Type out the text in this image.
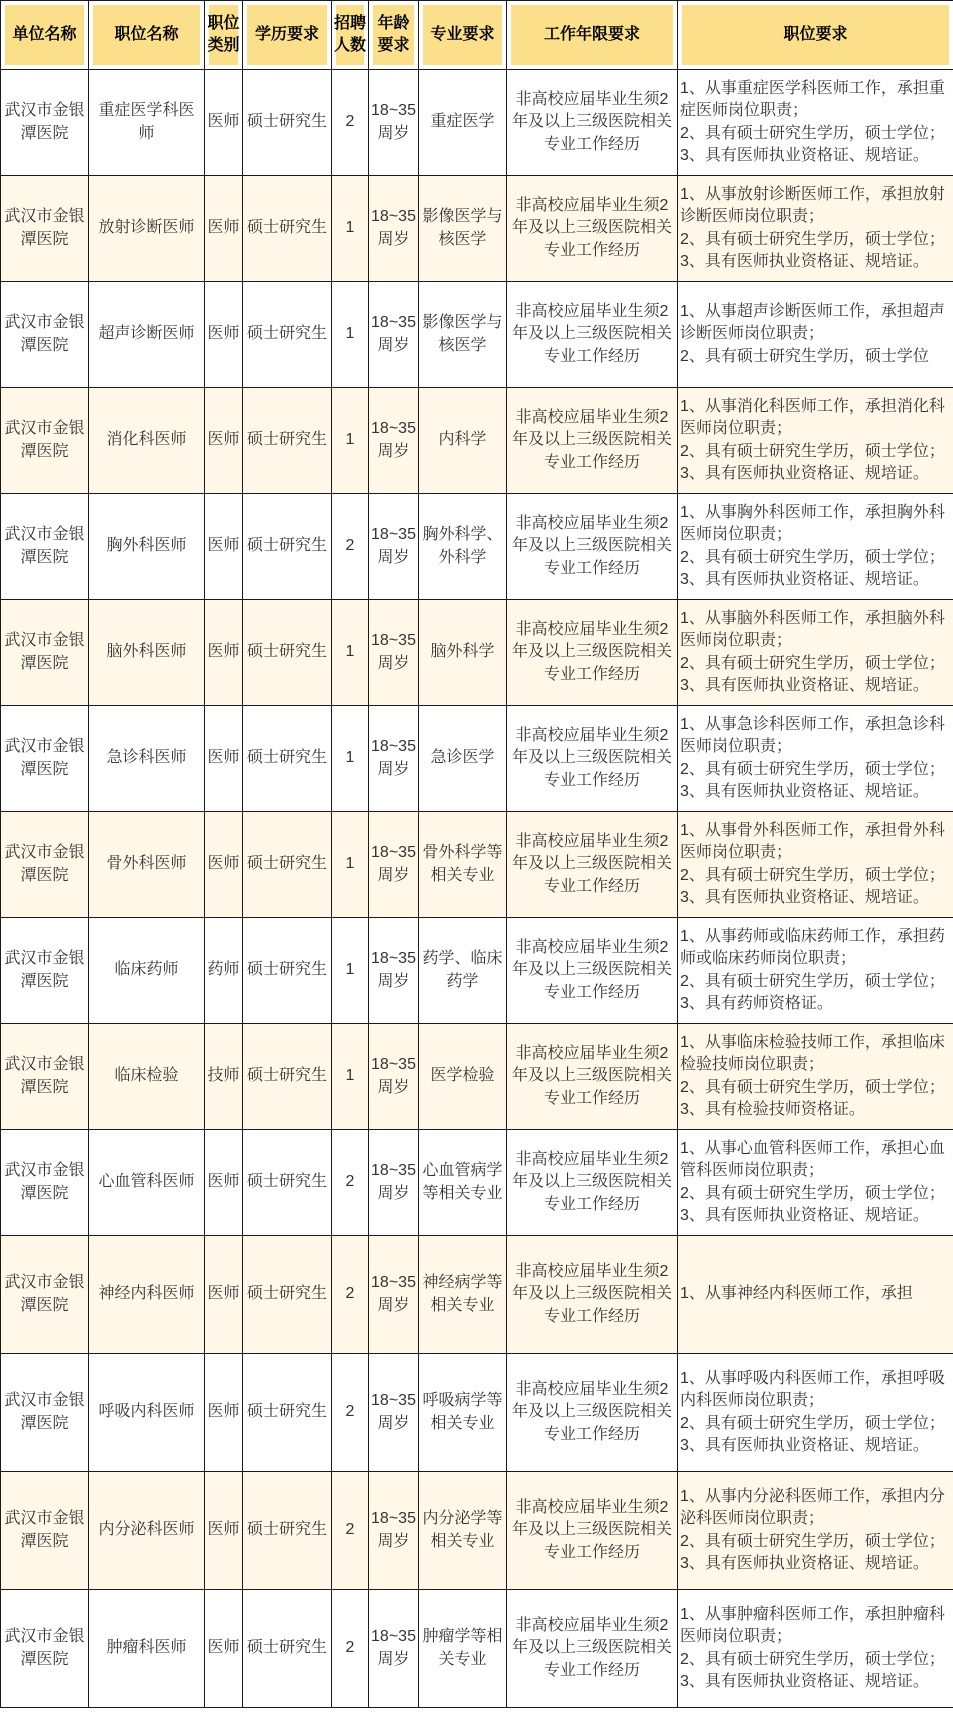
单位名称	职位名称	职位类别	学历要求	招聘人数	年龄要求	专业要求	工作年限要求	职位要求
武汉市金银潭医院	重症医学科医师	医师	硕士研究生	2	18~35周岁	重症医学	非高校应届毕业生须2年及以上三级医院相关专业工作经历	1、从事重症医学科医师工作，承担重症医师岗位职责；
2、具有硕士研究生学历，硕士学位；
3、具有医师执业资格证、规培证。

武汉市金银潭医院	放射诊断医师	医师	硕士研究生	1	18~35周岁	影像医学与核医学	非高校应届毕业生须2年及以上三级医院相关专业工作经历	1、从事放射诊断医师工作，承担放射诊断医师岗位职责；
2、具有硕士研究生学历，硕士学位；
3、具有医师执业资格证、规培证。

武汉市金银潭医院	超声诊断医师	医师	硕士研究生	1	18~35周岁	影像医学与核医学	非高校应届毕业生须2年及以上三级医院相关专业工作经历	1、从事超声诊断医师工作，承担超声诊断医师岗位职责；
2、具有硕士研究生学历，硕士学位

武汉市金银潭医院	消化科医师	医师	硕士研究生	1	18~35周岁	内科学	非高校应届毕业生须2年及以上三级医院相关专业工作经历	1、从事消化科医师工作，承担消化科医师岗位职责；
2、具有硕士研究生学历，硕士学位；
3、具有医师执业资格证、规培证。

武汉市金银潭医院	胸外科医师	医师	硕士研究生	2	18~35周岁	胸外科学、外科学	非高校应届毕业生须2年及以上三级医院相关专业工作经历	1、从事胸外科医师工作，承担胸外科医师岗位职责；
2、具有硕士研究生学历，硕士学位；
3、具有医师执业资格证、规培证。

武汉市金银潭医院	脑外科医师	医师	硕士研究生	1	18~35周岁	脑外科学	非高校应届毕业生须2年及以上三级医院相关专业工作经历	1、从事脑外科医师工作，承担脑外科医师岗位职责；
2、具有硕士研究生学历，硕士学位；
3、具有医师执业资格证、规培证。

武汉市金银潭医院	急诊科医师	医师	硕士研究生	1	18~35周岁	急诊医学	非高校应届毕业生须2年及以上三级医院相关专业工作经历	1、从事急诊科医师工作，承担急诊科医师岗位职责；
2、具有硕士研究生学历，硕士学位；
3、具有医师执业资格证、规培证。

武汉市金银潭医院	骨外科医师	医师	硕士研究生	1	18~35周岁	骨外科学等相关专业	非高校应届毕业生须2年及以上三级医院相关专业工作经历	1、从事骨外科医师工作，承担骨外科医师岗位职责；
2、具有硕士研究生学历，硕士学位；
3、具有医师执业资格证、规培证。

武汉市金银潭医院	临床药师	药师	硕士研究生	1	18~35周岁	药学、临床药学	非高校应届毕业生须2年及以上三级医院相关专业工作经历	1、从事药师或临床药师工作，承担药师或临床药师岗位职责；
2、具有硕士研究生学历，硕士学位；
3、具有药师资格证。

武汉市金银潭医院	临床检验	技师	硕士研究生	1	18~35周岁	医学检验	非高校应届毕业生须2年及以上三级医院相关专业工作经历	1、从事临床检验技师工作，承担临床检验技师岗位职责；
2、具有硕士研究生学历，硕士学位；
3、具有检验技师资格证。

武汉市金银潭医院	心血管科医师	医师	硕士研究生	2	18~35周岁	心血管病学等相关专业	非高校应届毕业生须2年及以上三级医院相关专业工作经历	1、从事心血管科医师工作，承担心血管科医师岗位职责；
2、具有硕士研究生学历，硕士学位；
3、具有医师执业资格证、规培证。

武汉市金银潭医院	神经内科医师	医师	硕士研究生	2	18~35周岁	神经病学等相关专业	非高校应届毕业生须2年及以上三级医院相关专业工作经历	1、从事神经内科医师工作，承担

武汉市金银潭医院	呼吸内科医师	医师	硕士研究生	2	18~35周岁	呼吸病学等相关专业	非高校应届毕业生须2年及以上三级医院相关专业工作经历	1、从事呼吸内科医师工作，承担呼吸内科医师岗位职责；
2、具有硕士研究生学历，硕士学位；
3、具有医师执业资格证、规培证。

武汉市金银潭医院	内分泌科医师	医师	硕士研究生	2	18~35周岁	内分泌学等相关专业	非高校应届毕业生须2年及以上三级医院相关专业工作经历	1、从事内分泌科医师工作，承担内分泌科医师岗位职责；
2、具有硕士研究生学历，硕士学位；
3、具有医师执业资格证、规培证。

武汉市金银潭医院	肿瘤科医师	医师	硕士研究生	2	18~35周岁	肿瘤学等相关专业	非高校应届毕业生须2年及以上三级医院相关专业工作经历	1、从事肿瘤科医师工作，承担肿瘤科医师岗位职责；
2、具有硕士研究生学历，硕士学位；
3、具有医师执业资格证、规培证。
